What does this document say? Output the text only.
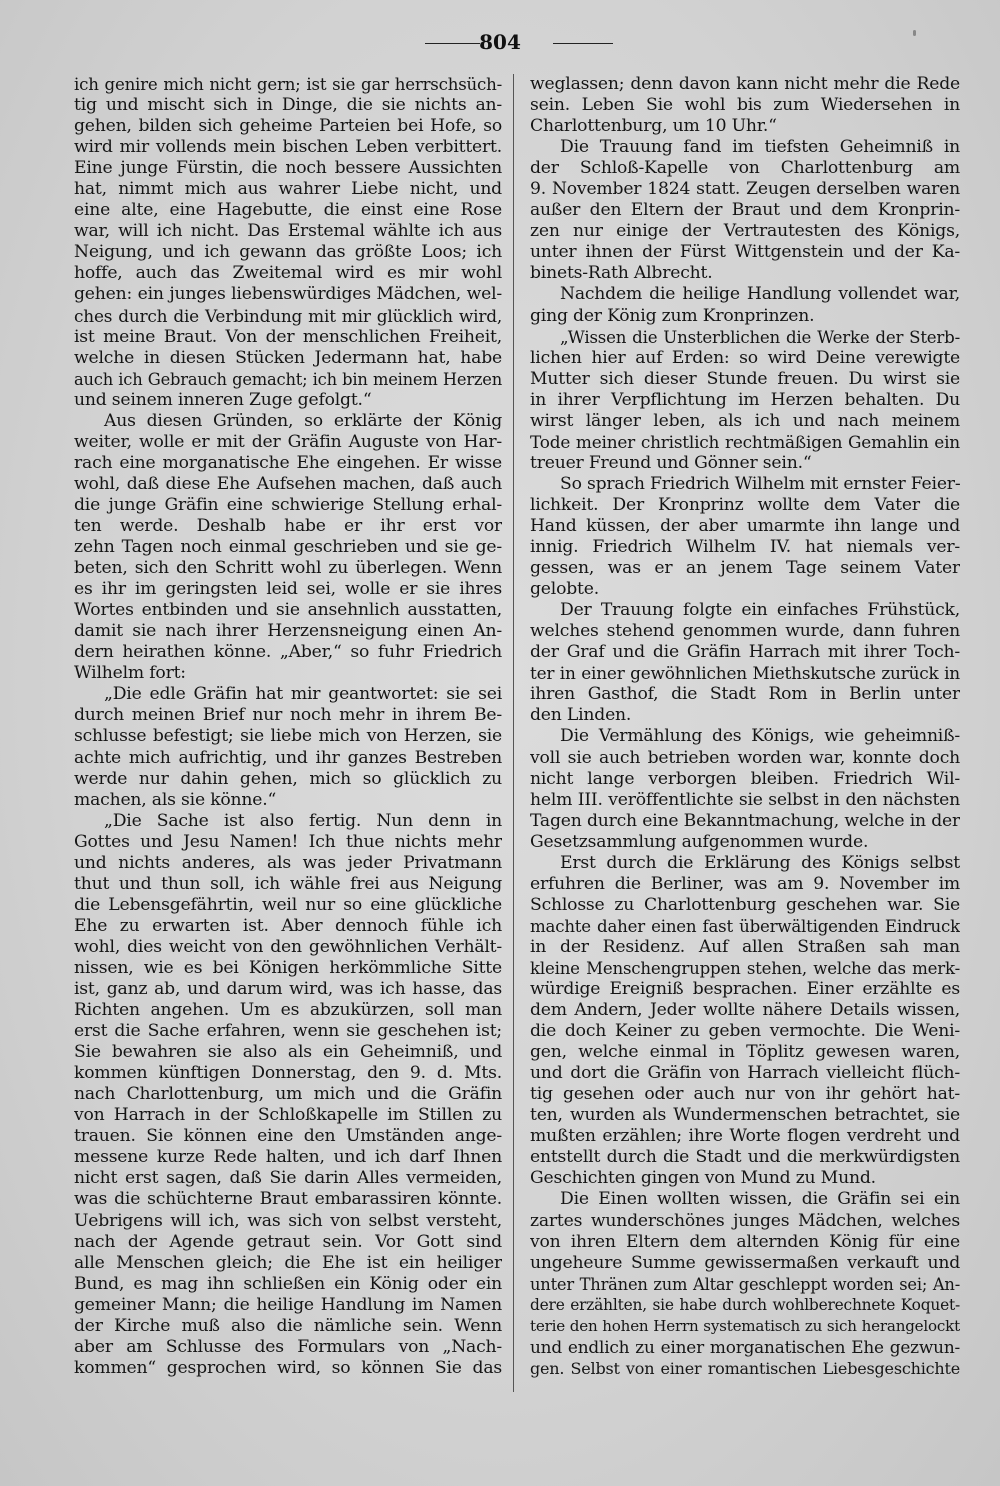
804
ich genire mich nicht gern; ist sie gar herrschsüch-
tig und mischt sich in Dinge, die sie nichts an-
gehen, bilden sich geheime Parteien bei Hofe, so
wird mir vollends mein bischen Leben verbittert.
Eine junge Fürstin, die noch bessere Aussichten
hat, nimmt mich aus wahrer Liebe nicht, und
eine alte, eine Hagebutte, die einst eine Rose
war, will ich nicht. Das Erstemal wählte ich aus
Neigung, und ich gewann das größte Loos; ich
hoffe, auch das Zweitemal wird es mir wohl
gehen: ein junges liebenswürdiges Mädchen, wel-
ches durch die Verbindung mit mir glücklich wird,
ist meine Braut. Von der menschlichen Freiheit,
welche in diesen Stücken Jedermann hat, habe
auch ich Gebrauch gemacht; ich bin meinem Herzen
und seinem inneren Zuge gefolgt.“
Aus diesen Gründen, so erklärte der König
weiter, wolle er mit der Gräfin Auguste von Har-
rach eine morganatische Ehe eingehen. Er wisse
wohl, daß diese Ehe Aufsehen machen, daß auch
die junge Gräfin eine schwierige Stellung erhal-
ten werde. Deshalb habe er ihr erst vor
zehn Tagen noch einmal geschrieben und sie ge-
beten, sich den Schritt wohl zu überlegen. Wenn
es ihr im geringsten leid sei, wolle er sie ihres
Wortes entbinden und sie ansehnlich ausstatten,
damit sie nach ihrer Herzensneigung einen An-
dern heirathen könne. „Aber,“ so fuhr Friedrich
Wilhelm fort:
„Die edle Gräfin hat mir geantwortet: sie sei
durch meinen Brief nur noch mehr in ihrem Be-
schlusse befestigt; sie liebe mich von Herzen, sie
achte mich aufrichtig, und ihr ganzes Bestreben
werde nur dahin gehen, mich so glücklich zu
machen, als sie könne.“
„Die Sache ist also fertig. Nun denn in
Gottes und Jesu Namen! Ich thue nichts mehr
und nichts anderes, als was jeder Privatmann
thut und thun soll, ich wähle frei aus Neigung
die Lebensgefährtin, weil nur so eine glückliche
Ehe zu erwarten ist. Aber dennoch fühle ich
wohl, dies weicht von den gewöhnlichen Verhält-
nissen, wie es bei Königen herkömmliche Sitte
ist, ganz ab, und darum wird, was ich hasse, das
Richten angehen. Um es abzukürzen, soll man
erst die Sache erfahren, wenn sie geschehen ist;
Sie bewahren sie also als ein Geheimniß, und
kommen künftigen Donnerstag, den 9. d. Mts.
nach Charlottenburg, um mich und die Gräfin
von Harrach in der Schloßkapelle im Stillen zu
trauen. Sie können eine den Umständen ange-
messene kurze Rede halten, und ich darf Ihnen
nicht erst sagen, daß Sie darin Alles vermeiden,
was die schüchterne Braut embarassiren könnte.
Uebrigens will ich, was sich von selbst versteht,
nach der Agende getraut sein. Vor Gott sind
alle Menschen gleich; die Ehe ist ein heiliger
Bund, es mag ihn schließen ein König oder ein
gemeiner Mann; die heilige Handlung im Namen
der Kirche muß also die nämliche sein. Wenn
aber am Schlusse des Formulars von „Nach-
kommen“ gesprochen wird, so können Sie das
weglassen; denn davon kann nicht mehr die Rede
sein. Leben Sie wohl bis zum Wiedersehen in
Charlottenburg, um 10 Uhr.“
Die Trauung fand im tiefsten Geheimniß in
der Schloß-Kapelle von Charlottenburg am
9. November 1824 statt. Zeugen derselben waren
außer den Eltern der Braut und dem Kronprin-
zen nur einige der Vertrautesten des Königs,
unter ihnen der Fürst Wittgenstein und der Ka-
binets-Rath Albrecht.
Nachdem die heilige Handlung vollendet war,
ging der König zum Kronprinzen.
„Wissen die Unsterblichen die Werke der Sterb-
lichen hier auf Erden: so wird Deine verewigte
Mutter sich dieser Stunde freuen. Du wirst sie
in ihrer Verpflichtung im Herzen behalten. Du
wirst länger leben, als ich und nach meinem
Tode meiner christlich rechtmäßigen Gemahlin ein
treuer Freund und Gönner sein.“
So sprach Friedrich Wilhelm mit ernster Feier-
lichkeit. Der Kronprinz wollte dem Vater die
Hand küssen, der aber umarmte ihn lange und
innig. Friedrich Wilhelm IV. hat niemals ver-
gessen, was er an jenem Tage seinem Vater
gelobte.
Der Trauung folgte ein einfaches Frühstück,
welches stehend genommen wurde, dann fuhren
der Graf und die Gräfin Harrach mit ihrer Toch-
ter in einer gewöhnlichen Miethskutsche zurück in
ihren Gasthof, die Stadt Rom in Berlin unter
den Linden.
Die Vermählung des Königs, wie geheimniß-
voll sie auch betrieben worden war, konnte doch
nicht lange verborgen bleiben. Friedrich Wil-
helm III. veröffentlichte sie selbst in den nächsten
Tagen durch eine Bekanntmachung, welche in der
Gesetzsammlung aufgenommen wurde.
Erst durch die Erklärung des Königs selbst
erfuhren die Berliner, was am 9. November im
Schlosse zu Charlottenburg geschehen war. Sie
machte daher einen fast überwältigenden Eindruck
in der Residenz. Auf allen Straßen sah man
kleine Menschengruppen stehen, welche das merk-
würdige Ereigniß besprachen. Einer erzählte es
dem Andern, Jeder wollte nähere Details wissen,
die doch Keiner zu geben vermochte. Die Weni-
gen, welche einmal in Töplitz gewesen waren,
und dort die Gräfin von Harrach vielleicht flüch-
tig gesehen oder auch nur von ihr gehört hat-
ten, wurden als Wundermenschen betrachtet, sie
mußten erzählen; ihre Worte flogen verdreht und
entstellt durch die Stadt und die merkwürdigsten
Geschichten gingen von Mund zu Mund.
Die Einen wollten wissen, die Gräfin sei ein
zartes wunderschönes junges Mädchen, welches
von ihren Eltern dem alternden König für eine
ungeheure Summe gewissermaßen verkauft und
unter Thränen zum Altar geschleppt worden sei; An-
dere erzählten, sie habe durch wohlberechnete Koquet-
terie den hohen Herrn systematisch zu sich herangelockt
und endlich zu einer morganatischen Ehe gezwun-
gen. Selbst von einer romantischen Liebesgeschichte
